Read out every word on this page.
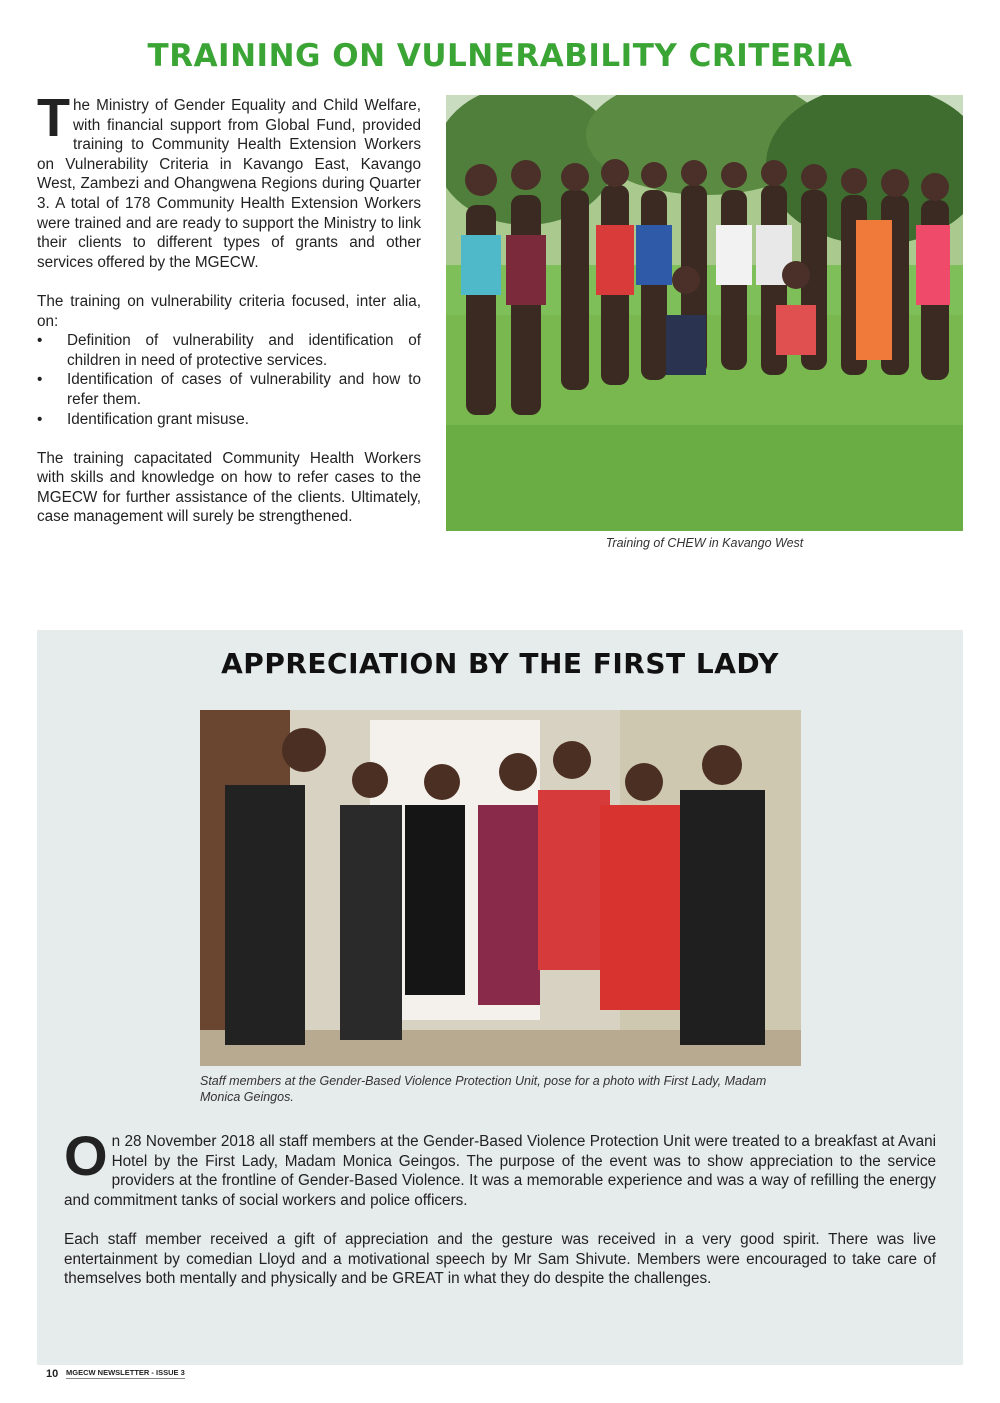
TRAINING ON VULNERABILITY CRITERIA

The Ministry of Gender Equality and Child Welfare, with financial support from Global Fund, provided training to Community Health Extension Workers on Vulnerability Criteria in Kavango East, Kavango West, Zambezi and Ohangwena Regions during Quarter 3. A total of 178 Community Health Extension Workers were trained and are ready to support the Ministry to link their clients to different types of grants and other services offered by the MGECW.

The training on vulnerability criteria focused, inter alia, on:

• Definition of vulnerability and identification of children in need of protective services.
• Identification of cases of vulnerability and how to refer them.
• Identification grant misuse.

The training capacitated Community Health Workers with skills and knowledge on how to refer cases to the MGECW for further assistance of the clients. Ultimately, case management will surely be strengthened.

Training of CHEW in Kavango West
APPRECIATION BY THE FIRST LADY
Staff members at the Gender-Based Violence Protection Unit, pose for a photo with First Lady, Madam Monica Geingos.

On 28 November 2018 all staff members at the Gender-Based Violence Protection Unit were treated to a breakfast at Avani Hotel by the First Lady, Madam Monica Geingos. The purpose of the event was to show appreciation to the service providers at the frontline of Gender-Based Violence. It was a memorable experience and was a way of refilling the energy and commitment tanks of social workers and police officers.

Each staff member received a gift of appreciation and the gesture was received in a very good spirit. There was live entertainment by comedian Lloyd and a motivational speech by Mr Sam Shivute. Members were encouraged to take care of themselves both mentally and physically and be GREAT in what they do despite the challenges.

10 MGECW NEWSLETTER - ISSUE 3
